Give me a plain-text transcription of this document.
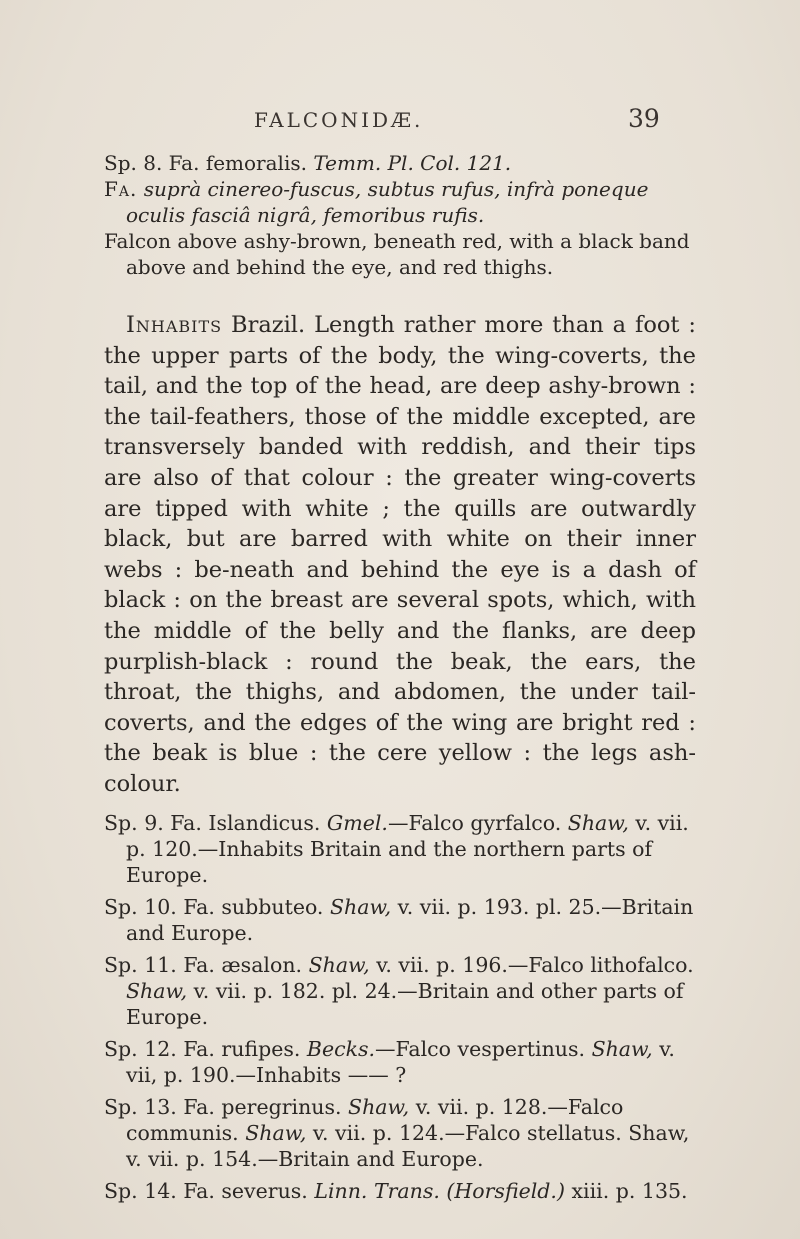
FALCONIDÆ.	39

Sp. 8. Fa. femoralis. Temm. Pl. Col. 121.

Fa. suprà cinereo-fuscus, subtus rufus, infrà poneque oculis fasciâ nigrâ, femoribus rufis.

Falcon above ashy-brown, beneath red, with a black band above and behind the eye, and red thighs.

Inhabits Brazil. Length rather more than a foot : the upper parts of the body, the wing-coverts, the tail, and the top of the head, are deep ashy-brown : the tail-feathers, those of the middle excepted, are transversely banded with reddish, and their tips are also of that colour : the greater wing-coverts are tipped with white ; the quills are outwardly black, but are barred with white on their inner webs : be-neath and behind the eye is a dash of black : on the breast are several spots, which, with the middle of the belly and the flanks, are deep purplish-black : round the beak, the ears, the throat, the thighs, and abdomen, the under tail-coverts, and the edges of the wing are bright red : the beak is blue : the cere yellow : the legs ash-colour.

Sp. 9. Fa. Islandicus. Gmel.—Falco gyrfalco. Shaw, v. vii. p. 120.—Inhabits Britain and the northern parts of Europe.

Sp. 10. Fa. subbuteo. Shaw, v. vii. p. 193. pl. 25.—Britain and Europe.

Sp. 11. Fa. æsalon. Shaw, v. vii. p. 196.—Falco lithofalco. Shaw, v. vii. p. 182. pl. 24.—Britain and other parts of Europe.

Sp. 12. Fa. rufipes. Becks.—Falco vespertinus. Shaw, v. vii, p. 190.—Inhabits —— ?

Sp. 13. Fa. peregrinus. Shaw, v. vii. p. 128.—Falco communis. Shaw, v. vii. p. 124.—Falco stellatus. Shaw, v. vii. p. 154.—Britain and Europe.

Sp. 14. Fa. severus. Linn. Trans. (Horsfield.) xiii. p. 135.
